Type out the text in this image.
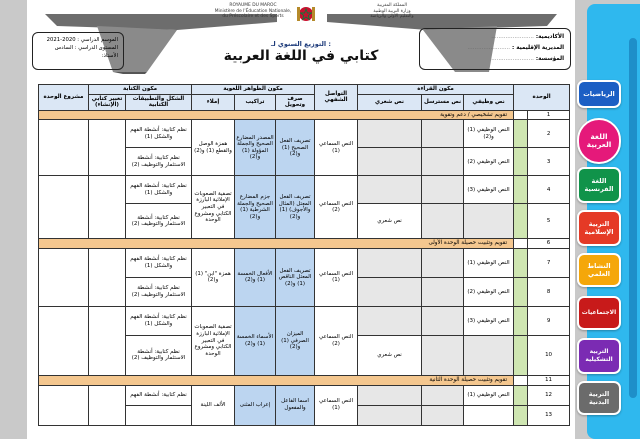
ROYAUME DU MAROC
Ministère de l'Éducation Nationale,
du Préscolaire et des Sports
المملكة المغربية
وزارة التربية الوطنية
والتعليم الأولي والرياضة
الموسم الدراسي : 2020-2021
المستوى الدراسي : السادس
الأستاذ:
الأكاديمية: ........................
المديرية الإقليمية : ........................
المؤسسة: ........................
التوزيع السنوي لـ :
كتابي في اللغة العربية
مشروع الوحدة	مكون الكتابة		مكون الظواهر اللغوية			التواصل الشفهي	مكون القراءة			الوحدة	
	تعبير كتابي (الإنشاء)	الشكل والتطبيقات الكتابية	إملاء	تراكيب	صرف وتحويل		نص شعري	نص مسترسل	نص وظيفي		
تقويم تشخيصي / دعم وتقوية											1
		نظم كتابية: أنشطة الفهم والشكل (1)	همزة الوصل والقطع (1) و(2)	المصدر المضارع الصحيح والجملة المؤولة (1) و(2)	تصريف الفعل الصحيح (1) و(2)	النص السماعي (1)			النص الوظيفي (1) و(2)		2
		نظم كتابية: أنشطة الاستثمار والتوظيف (2)							النص الوظيفي (2)		3
		نظم كتابية: أنشطة الفهم والشكل (1)	تصفية الصعوبات الإملائية البارزة في التعبير الكتابي ومشروع الوحدة	جزم المضارع الصحيح والجملة الشرطية (1) و(2)	تصريف الفعل المعتل (المثال والأجوف) (1) و(2)	النص السماعي (2)			النص الوظيفي (3)		4
		نظم كتابية: أنشطة الاستثمار والتوظيف (2)					نص شعري				5
تقويم وتثبيت حصيلة الوحدة الأولى											6
		نظم كتابية: أنشطة الفهم والشكل (1)	همزة "ابن" (1) و(2)	الأفعال الخمسة (1) و(2)	تصريف الفعل المعتل الناقص (1) و(2)	النص السماعي (1)			النص الوظيفي (1)		7
		نظم كتابية: أنشطة الاستثمار والتوظيف (2)							النص الوظيفي (2)		8
		نظم كتابية: أنشطة الفهم والشكل (1)	تصفية الصعوبات الإملائية البارزة في التعبير الكتابي ومشروع الوحدة	الأسماء الخمسة (1) و(2)	الميزان الصرفي (1) و(2)	النص السماعي (2)			النص الوظيفي (3)		9
		نظم كتابية: أنشطة الاستثمار والتوظيف (2)					نص شعري				10
تقويم وتثبيت حصيلة الوحدة الثانية											11
		نظم كتابية: أنشطة الفهم	الألف اللينة	إعراب المثنى	اسما الفاعل والمفعول	النص السماعي (1)			النص الوظيفي (1)		12
											13
الرياضيات
اللغة العربية
اللغة الفرنسية
التربية الإسلامية
النشاط العلمي
الاجتماعيات
التربية التشكيلية
التربية البدنية
